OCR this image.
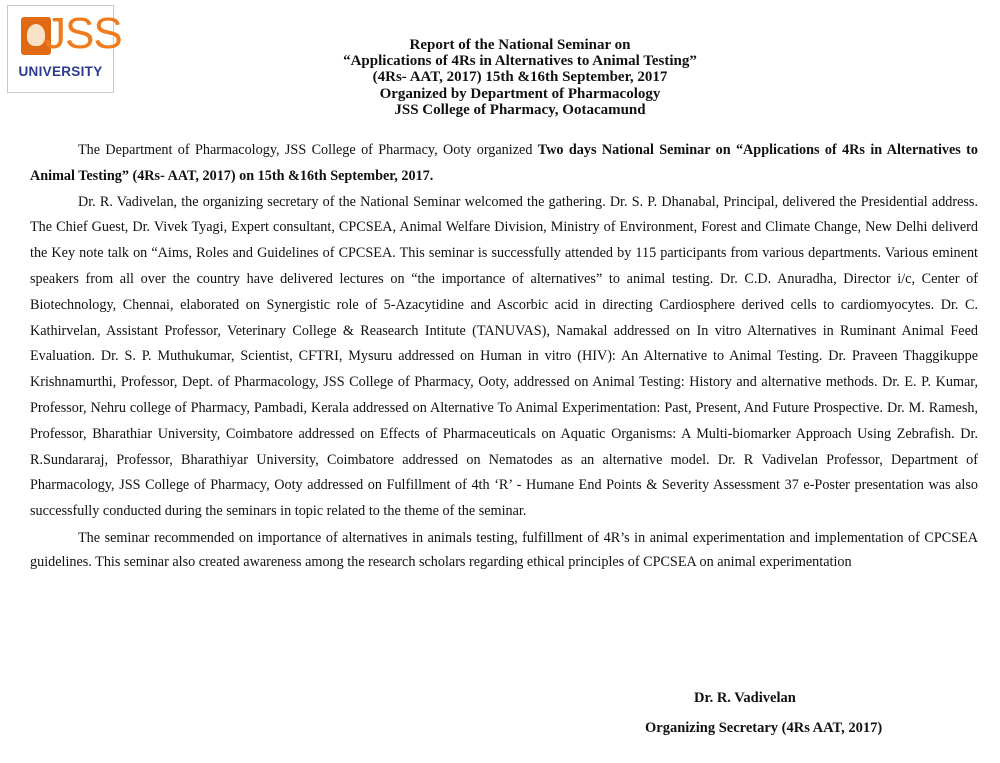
JSS
UNIVERSITY
Report of the National Seminar on
“Applications of 4Rs in Alternatives to Animal Testing”
(4Rs- AAT, 2017) 15th &16th September, 2017
Organized by Department of Pharmacology
JSS College of Pharmacy, Ootacamund

The Department of Pharmacology, JSS College of Pharmacy, Ooty organized Two days National Seminar on “Applications of 4Rs in Alternatives to Animal Testing” (4Rs- AAT, 2017) on 15th &16th September, 2017.

Dr. R. Vadivelan, the organizing secretary of the National Seminar welcomed the gathering. Dr. S. P. Dhanabal, Principal, delivered the Presidential address. The Chief Guest, Dr. Vivek Tyagi, Expert consultant, CPCSEA, Animal Welfare Division, Ministry of Environment, Forest and Climate Change, New Delhi deliverd the Key note talk on “Aims, Roles and Guidelines of CPCSEA. This seminar is successfully attended by 115 participants from various departments. Various eminent speakers from all over the country have delivered lectures on “the importance of alternatives” to animal testing. Dr. C.D. Anuradha, Director i/c, Center of Biotechnology, Chennai, elaborated on Synergistic role of 5-Azacytidine and Ascorbic acid in directing Cardiosphere derived cells to cardiomyocytes. Dr. C. Kathirvelan, Assistant Professor, Veterinary College & Reasearch Intitute (TANUVAS), Namakal addressed on In vitro Alternatives in Ruminant Animal Feed Evaluation. Dr. S. P. Muthukumar, Scientist, CFTRI, Mysuru addressed on Human in vitro (HIV): An Alternative to Animal Testing. Dr. Praveen Thaggikuppe Krishnamurthi, Professor, Dept. of Pharmacology, JSS College of Pharmacy, Ooty, addressed on Animal Testing: History and alternative methods. Dr. E. P. Kumar, Professor, Nehru college of Pharmacy, Pambadi, Kerala addressed on Alternative To Animal Experimentation: Past, Present, And Future Prospective. Dr. M. Ramesh, Professor, Bharathiar University, Coimbatore addressed on Effects of Pharmaceuticals on Aquatic Organisms: A Multi-biomarker Approach Using Zebrafish. Dr. R.Sundararaj, Professor, Bharathiyar University, Coimbatore addressed on Nematodes as an alternative model. Dr. R Vadivelan Professor, Department of Pharmacology, JSS College of Pharmacy, Ooty addressed on Fulfillment of 4th ‘R’ - Humane End Points & Severity Assessment 37 e-Poster presentation was also successfully conducted during the seminars in topic related to the theme of the seminar.

The seminar recommended on importance of alternatives in animals testing, fulfillment of 4R’s in animal experimentation and implementation of CPCSEA guidelines. This seminar also created awareness among the research scholars regarding ethical principles of CPCSEA on animal experimentation

Dr. R. Vadivelan
Organizing Secretary (4Rs AAT, 2017)
